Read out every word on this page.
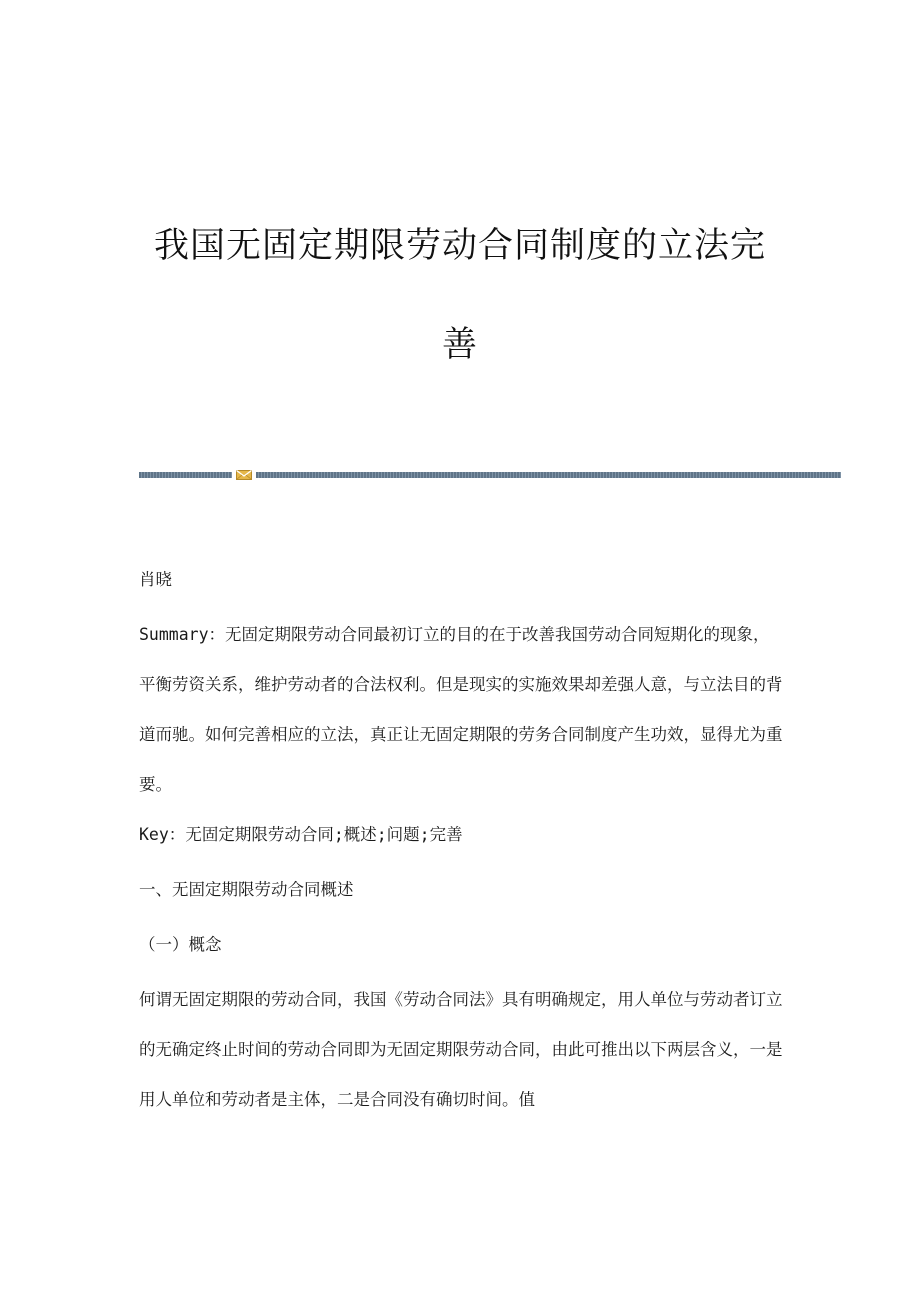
我国无固定期限劳动合同制度的立法完
善
肖晓
Summary：无固定期限劳动合同最初订立的目的在于改善我国劳动合同短期化的现象，平衡劳资关系，维护劳动者的合法权利。但是现实的实施效果却差强人意，与立法目的背道而驰。如何完善相应的立法，真正让无固定期限的劳务合同制度产生功效，显得尤为重要。
Key：无固定期限劳动合同;概述;问题;完善
一、无固定期限劳动合同概述
（一）概念
何谓无固定期限的劳动合同，我国《劳动合同法》具有明确规定，用人单位与劳动者订立的无确定终止时间的劳动合同即为无固定期限劳动合同，由此可推出以下两层含义，一是用人单位和劳动者是主体，二是合同没有确切时间。值
